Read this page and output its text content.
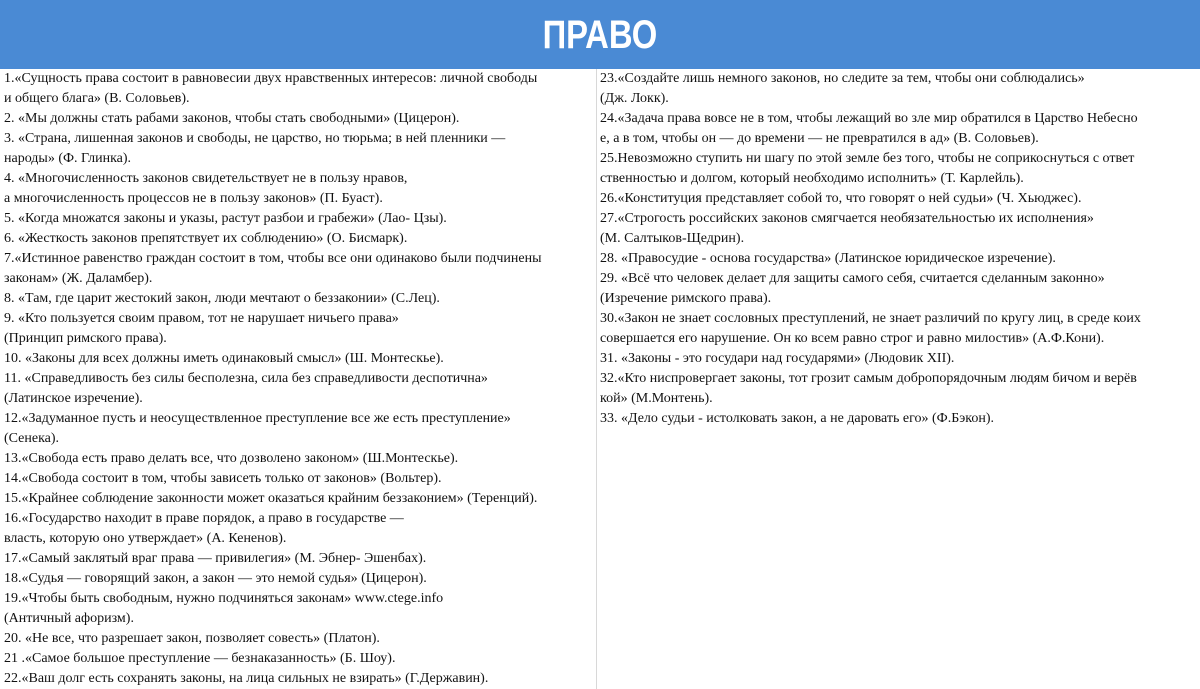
ПРАВО

1.«Сущность права состоит в равновесии двух нравственных интересов: личной свободы

и общего блага» (В. Соловьев).

2. «Мы должны стать рабами законов, чтобы стать свободными» (Цицерон).

3. «Страна, лишенная законов и свободы, не царство, но тюрьма; в ней пленники —

народы» (Ф. Глинка).

4. «Многочисленность законов свидетельствует не в пользу нравов,

а многочисленность процессов не в пользу законов» (П. Буаст).

5. «Когда множатся законы и указы, растут разбои и грабежи» (Лао- Цзы).

6. «Жесткость законов препятствует их соблюдению» (О. Бисмарк).

7.«Истинное равенство граждан состоит в том, чтобы все они одинаково были подчинены

законам» (Ж. Даламбер).

8. «Там, где царит жестокий закон, люди мечтают о беззаконии» (С.Лец).

9. «Кто пользуется своим правом, тот не нарушает ничьего права»

(Принцип римского права).

10. «Законы для всех должны иметь одинаковый смысл» (Ш. Монтескье).

11. «Справедливость без силы бесполезна, сила без справедливости деспотична»

(Латинское изречение).

12.«Задуманное пусть и неосуществленное преступление все же есть преступление»

(Сенека).

13.«Свобода есть право делать все, что дозволено законом» (Ш.Монтескье).

14.«Свобода состоит в том, чтобы зависеть только от законов» (Вольтер).

15.«Крайнее соблюдение законности может оказаться крайним беззаконием» (Теренций).

16.«Государство находит в праве порядок, а право в государстве —

власть, которую оно утверждает» (А. Кененов).

17.«Самый заклятый враг права — привилегия» (М. Эбнер- Эшенбах).

18.«Судья — говорящий закон, а закон — это немой судья» (Цицерон).

19.«Чтобы быть свободным, нужно подчиняться законам» www.ctege.info

(Античный афоризм).

20. «Не все, что разрешает закон, позволяет совесть» (Платон).

21 .«Самое большое преступление — безнаказанность» (Б. Шоу).

22.«Ваш долг есть сохранять законы, на лица сильных не взирать» (Г.Державин).

23.«Создайте лишь немного законов, но следите за тем, чтобы они соблюдались»

(Дж. Локк).

24.«Задача права вовсе не в том, чтобы лежащий во зле мир обратился в Царство Небесно

е, а в том, чтобы он — до времени — не превратился в ад» (В. Соловьев).

25.Невозможно ступить ни шагу по этой земле без того, чтобы не соприкоснуться с ответ

ственностью и долгом, который необходимо исполнить» (Т. Карлейль).

26.«Конституция представляет собой то, что говорят о ней судьи» (Ч. Хьюджес).

27.«Строгость российских законов смягчается необязательностью их исполнения»

(М. Салтыков-Щедрин).

28. «Правосудие - основа государства» (Латинское юридическое изречение).

29. «Всё что человек делает для защиты самого себя, считается сделанным законно»

(Изречение римского права).

30.«Закон не знает сословных преступлений, не знает различий по кругу лиц, в среде коих

совершается его нарушение. Он ко всем равно строг и равно милостив» (А.Ф.Кони).

31. «Законы - это государи над государями» (Людовик XII).

32.«Кто ниспровергает законы, тот грозит самым добропорядочным людям бичом и верёв

кой» (М.Монтень).

33. «Дело судьи - истолковать закон, а не даровать его» (Ф.Бэкон).
